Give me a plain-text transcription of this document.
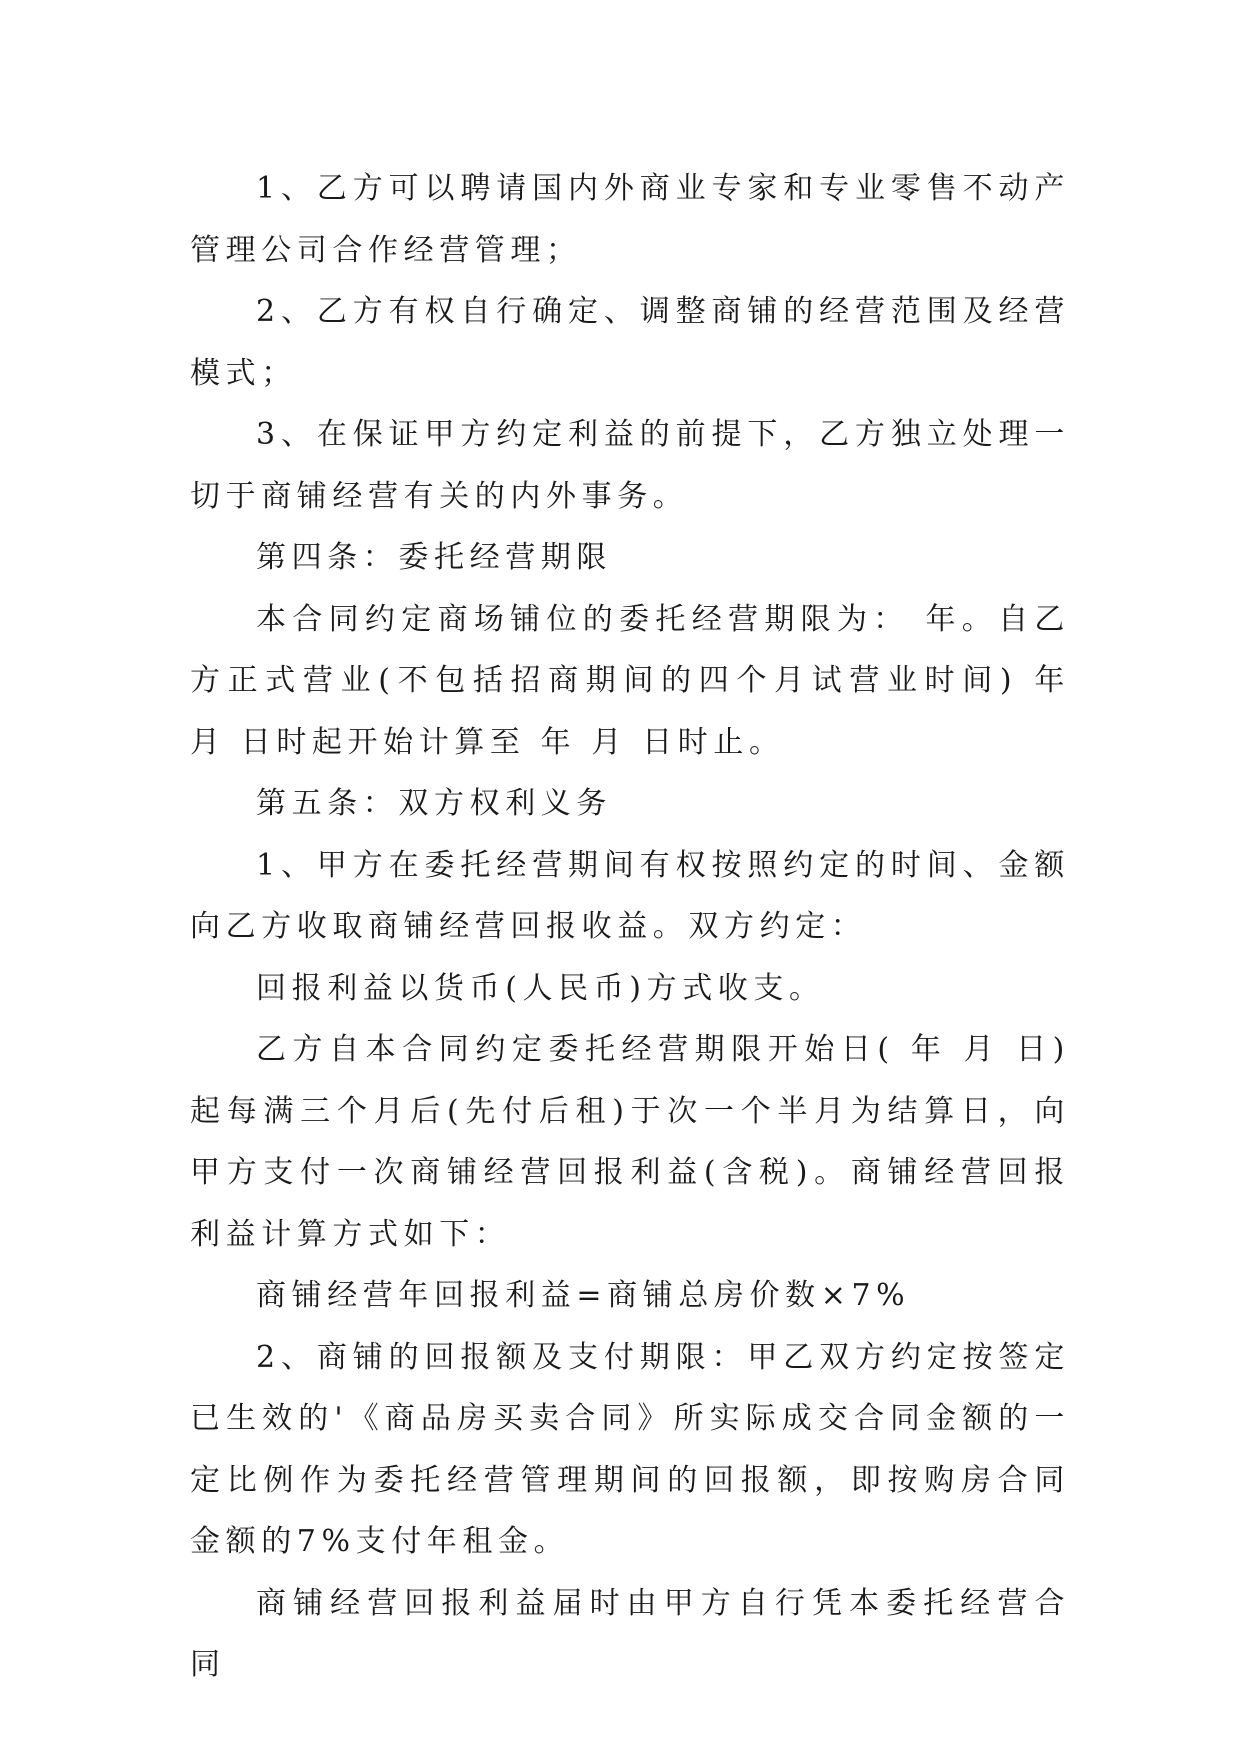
1、乙方可以聘请国内外商业专家和专业零售不动产管理公司合作经营管理；

2、乙方有权自行确定、调整商铺的经营范围及经营模式；

3、在保证甲方约定利益的前提下，乙方独立处理一切于商铺经营有关的内外事务。

第四条：委托经营期限

本合同约定商场铺位的委托经营期限为： 年。自乙方正式营业(不包括招商期间的四个月试营业时间) 年 月 日时起开始计算至 年 月 日时止。

第五条：双方权利义务

1、甲方在委托经营期间有权按照约定的时间、金额向乙方收取商铺经营回报收益。双方约定：

回报利益以货币(人民币)方式收支。

乙方自本合同约定委托经营期限开始日( 年 月 日)起每满三个月后(先付后租)于次一个半月为结算日，向甲方支付一次商铺经营回报利益(含税)。商铺经营回报利益计算方式如下：

商铺经营年回报利益=商铺总房价数×7%

2、商铺的回报额及支付期限：甲乙双方约定按签定已生效的'《商品房买卖合同》所实际成交合同金额的一定比例作为委托经营管理期间的回报额，即按购房合同金额的7%支付年租金。

商铺经营回报利益届时由甲方自行凭本委托经营合同
